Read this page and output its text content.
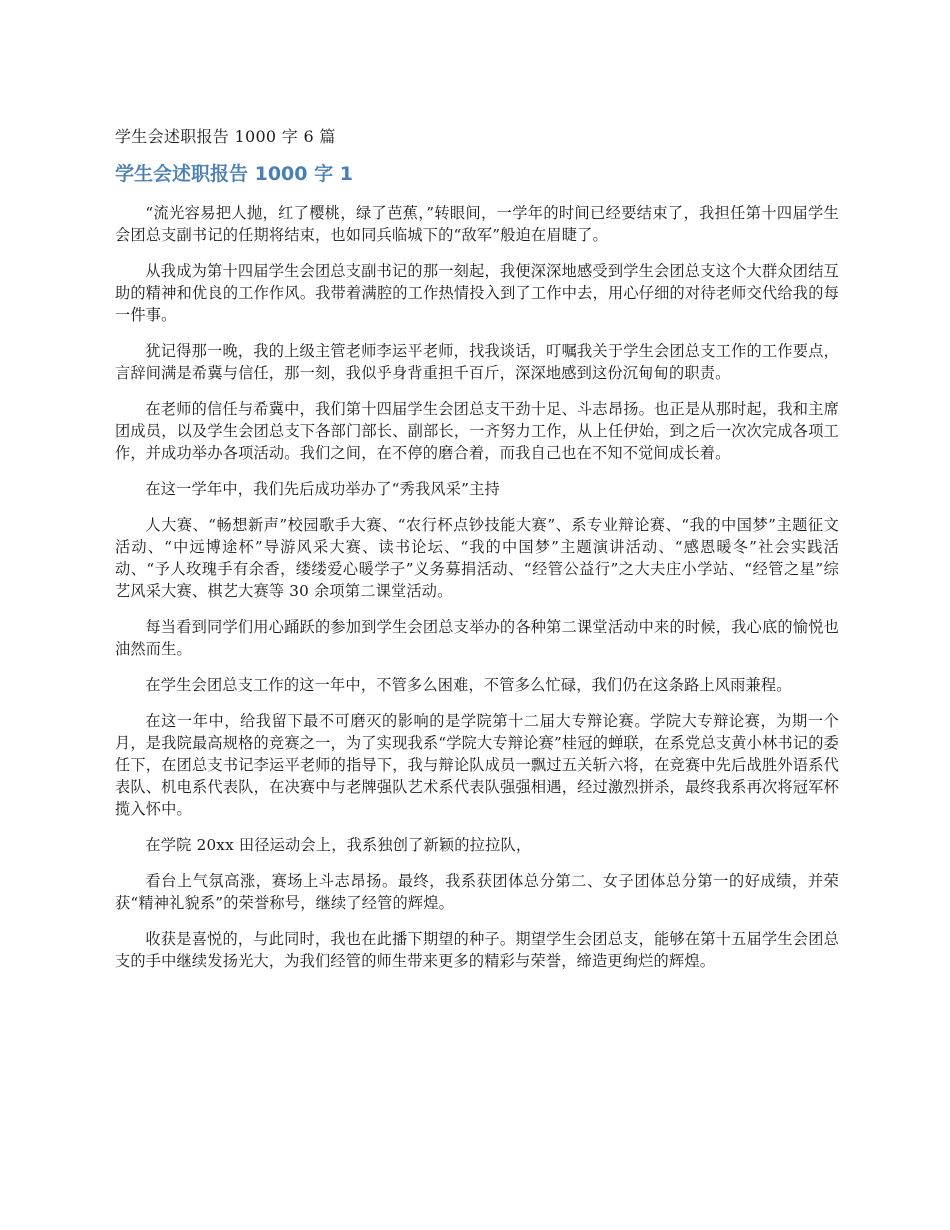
学生会述职报告 1000 字 6 篇
学生会述职报告 1000 字 1

“流光容易把人抛，红了樱桃，绿了芭蕉，”转眼间，一学年的时间已经要结束了，我担任第十四届学生会团总支副书记的任期将结束，也如同兵临城下的“敌军”般迫在眉睫了。

从我成为第十四届学生会团总支副书记的那一刻起，我便深深地感受到学生会团总支这个大群众团结互助的精神和优良的工作作风。我带着满腔的工作热情投入到了工作中去，用心仔细的对待老师交代给我的每一件事。

犹记得那一晚，我的上级主管老师李运平老师，找我谈话，叮嘱我关于学生会团总支工作的工作要点，言辞间满是希冀与信任，那一刻，我似乎身背重担千百斤，深深地感到这份沉甸甸的职责。

在老师的信任与希冀中，我们第十四届学生会团总支干劲十足、斗志昂扬。也正是从那时起，我和主席团成员，以及学生会团总支下各部门部长、副部长，一齐努力工作，从上任伊始，到之后一次次完成各项工作，并成功举办各项活动。我们之间，在不停的磨合着，而我自己也在不知不觉间成长着。

在这一学年中，我们先后成功举办了“秀我风采”主持

人大赛、“畅想新声”校园歌手大赛、“农行杯点钞技能大赛”、系专业辩论赛、“我的中国梦”主题征文活动、“中远博途杯”导游风采大赛、读书论坛、“我的中国梦”主题演讲活动、“感恩暖冬”社会实践活动、“予人玫瑰手有余香，缕缕爱心暖学子”义务募捐活动、“经管公益行”之大夫庄小学站、“经管之星”综艺风采大赛、棋艺大赛等 30 余项第二课堂活动。

每当看到同学们用心踊跃的参加到学生会团总支举办的各种第二课堂活动中来的时候，我心底的愉悦也油然而生。

在学生会团总支工作的这一年中，不管多么困难，不管多么忙碌，我们仍在这条路上风雨兼程。

在这一年中，给我留下最不可磨灭的影响的是学院第十二届大专辩论赛。学院大专辩论赛，为期一个月，是我院最高规格的竞赛之一，为了实现我系“学院大专辩论赛”桂冠的蝉联，在系党总支黄小林书记的委任下，在团总支书记李运平老师的指导下，我与辩论队成员一飘过五关斩六将，在竞赛中先后战胜外语系代表队、机电系代表队，在决赛中与老牌强队艺术系代表队强强相遇，经过激烈拼杀，最终我系再次将冠军杯揽入怀中。

在学院 20xx 田径运动会上，我系独创了新颖的拉拉队，

看台上气氛高涨，赛场上斗志昂扬。最终，我系获团体总分第二、女子团体总分第一的好成绩，并荣获“精神礼貌系”的荣誉称号，继续了经管的辉煌。

收获是喜悦的，与此同时，我也在此播下期望的种子。期望学生会团总支，能够在第十五届学生会团总支的手中继续发扬光大，为我们经管的师生带来更多的精彩与荣誉，缔造更绚烂的辉煌。
